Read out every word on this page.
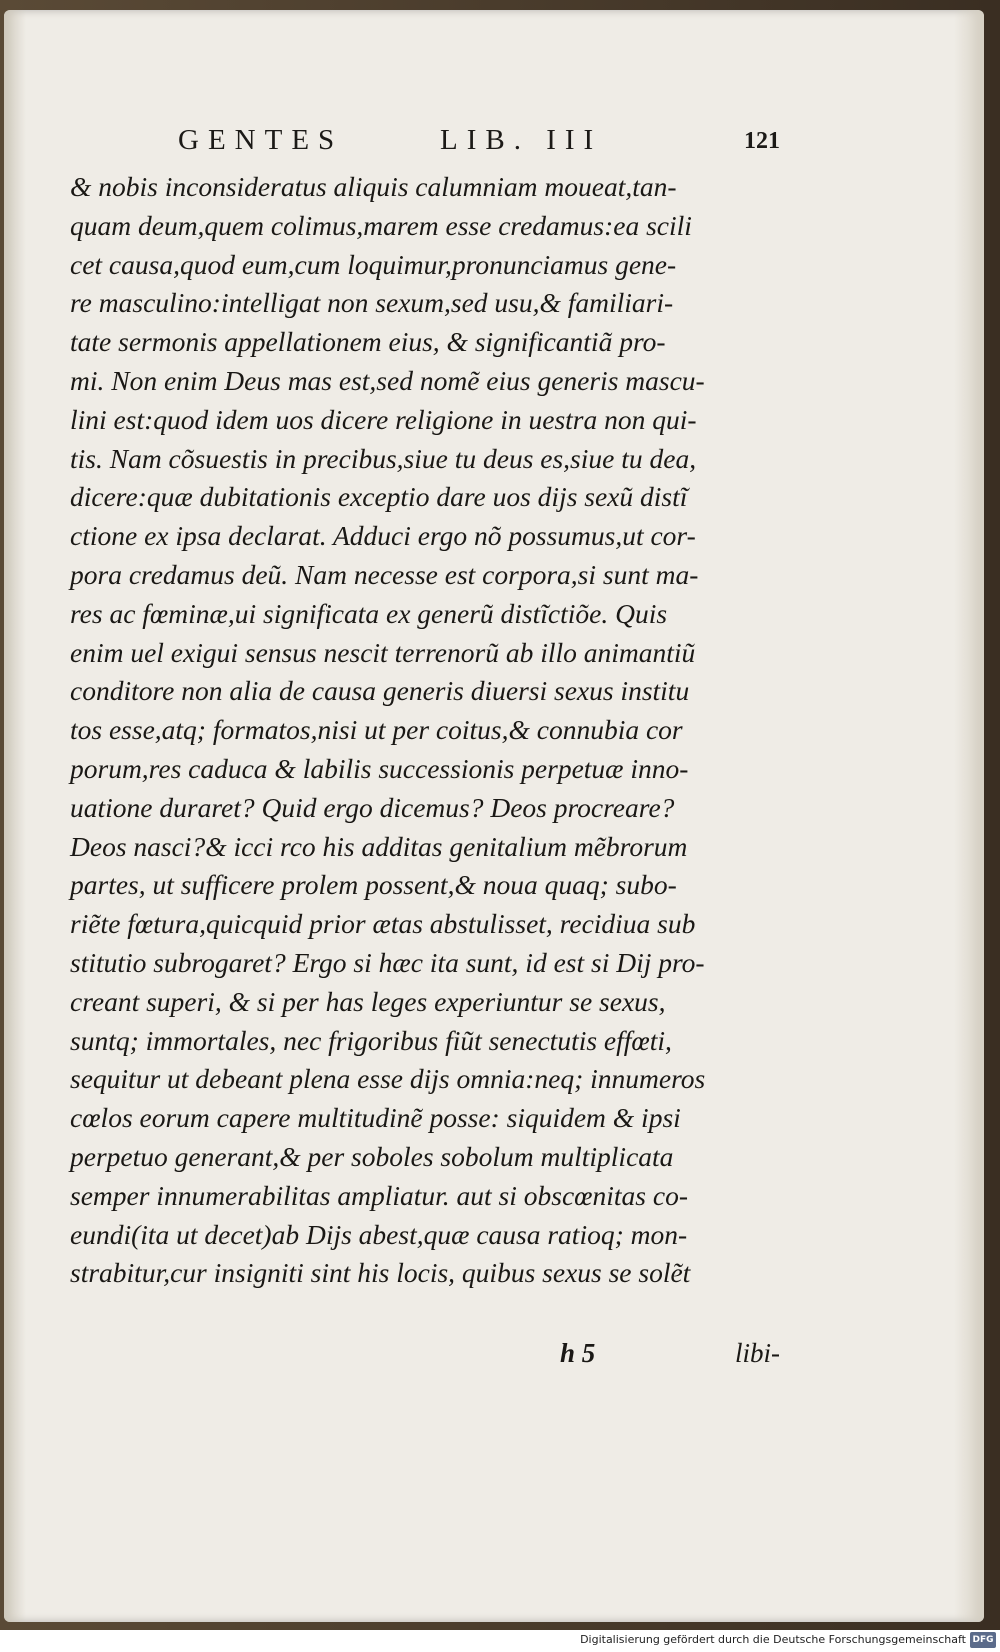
GENTES	LIB. III	121
& nobis inconsideratus aliquis calumniam moueat,tan-
quam deum,quem colimus,marem esse credamus:ea scili
cet causa,quod eum,cum loquimur,pronunciamus gene-
re masculino:intelligat non sexum,sed usu,& familiari-
tate sermonis appellationem eius, & significantiã pro-
mi. Non enim Deus mas est,sed nomẽ eius generis mascu-
lini est:quod idem uos dicere religione in uestra non qui-
tis. Nam cõsuestis in precibus,siue tu deus es,siue tu dea,
dicere:quæ dubitationis exceptio dare uos dijs sexũ distĩ
ctione ex ipsa declarat. Adduci ergo nõ possumus,ut cor-
pora credamus deũ. Nam necesse est corpora,si sunt ma-
res ac fœminæ,ui significata ex generũ distĩctiõe. Quis
enim uel exigui sensus nescit terrenorũ ab illo animantiũ
conditore non alia de causa generis diuersi sexus institu
tos esse,atq; formatos,nisi ut per coitus,& connubia cor
porum,res caduca & labilis successionis perpetuæ inno-
uatione duraret? Quid ergo dicemus? Deos procreare?
Deos nasci?& icci rco his additas genitalium mẽbrorum
partes, ut sufficere prolem possent,& noua quaq; subo-
riẽte fœtura,quicquid prior ætas abstulisset, recidiua sub
stitutio subrogaret? Ergo si hæc ita sunt, id est si Dij pro-
creant superi, & si per has leges experiuntur se sexus,
suntq; immortales, nec frigoribus fiũt senectutis effœti,
sequitur ut debeant plena esse dijs omnia:neq; innumeros
cœlos eorum capere multitudinẽ posse: siquidem & ipsi
perpetuo generant,& per soboles sobolum multiplicata
semper innumerabilitas ampliatur. aut si obscœnitas co-
eundi(ita ut decet)ab Dijs abest,quæ causa ratioq; mon-
strabitur,cur insigniti sint his locis, quibus sexus se solẽt
h 5	libi-
Digitalisierung gefördert durch die Deutsche Forschungsgemeinschaft DFG
